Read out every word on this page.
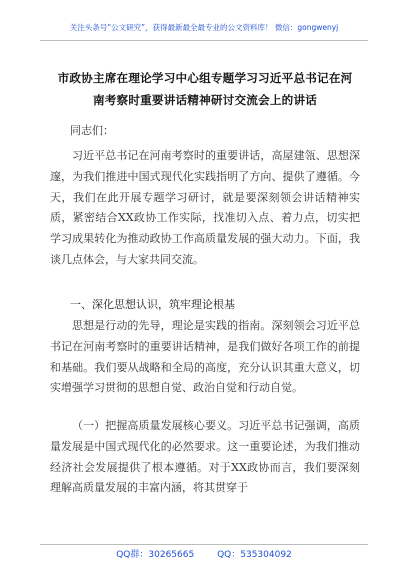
关注头条号“公文研究”，获得最新最全最专业的公文资料库！ 微信：gongwenyj
市政协主席在理论学习中心组专题学习习近平总书记在河
南考察时重要讲话精神研讨交流会上的讲话
同志们：

习近平总书记在河南考察时的重要讲话，高屋建瓴、思想深邃，为我们推进中国式现代化实践指明了方向、提供了遵循。今天，我们在此开展专题学习研讨，就是要深刻领会讲话精神实质，紧密结合XX政协工作实际，找准切入点、着力点，切实把学习成果转化为推动政协工作高质量发展的强大动力。下面，我谈几点体会，与大家共同交流。

一、深化思想认识，筑牢理论根基

思想是行动的先导，理论是实践的指南。深刻领会习近平总书记在河南考察时的重要讲话精神，是我们做好各项工作的前提和基础。我们要从战略和全局的高度，充分认识其重大意义，切实增强学习贯彻的思想自觉、政治自觉和行动自觉。

（一）把握高质量发展核心要义。习近平总书记强调，高质量发展是中国式现代化的必然要求。这一重要论述，为我们推动经济社会发展提供了根本遵循。对于XX政协而言，我们要深刻理解高质量发展的丰富内涵，将其贯穿于

QQ群：30265665	QQ：535304092
